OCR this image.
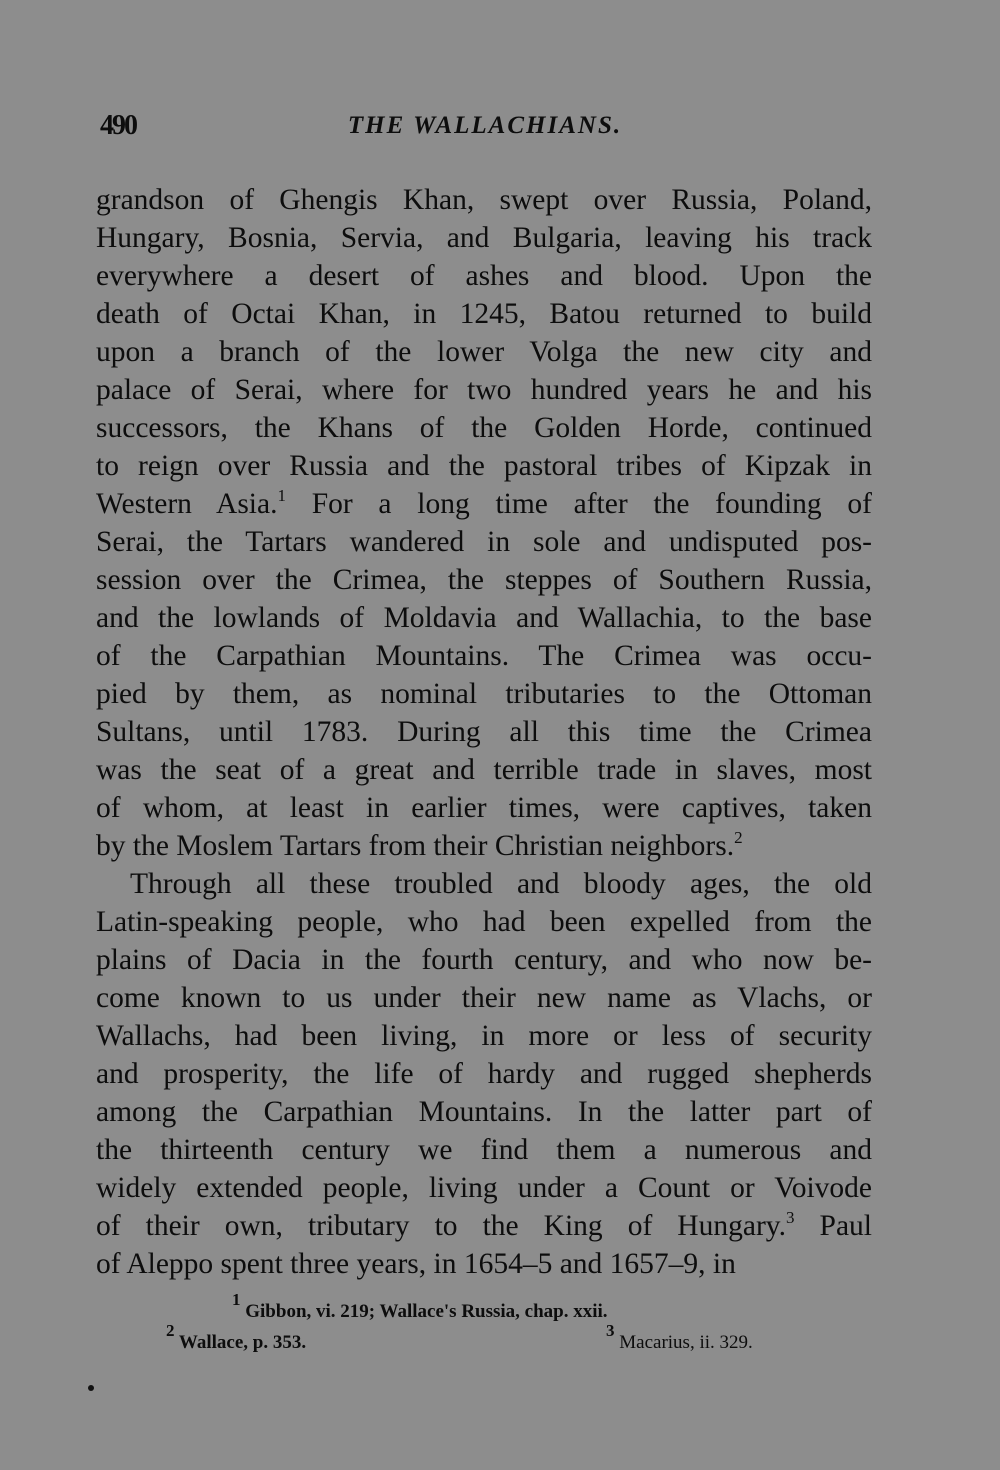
490	THE WALLACHIANS.
grandson of Ghengis Khan, swept over Russia, Poland,
Hungary, Bosnia, Servia, and Bulgaria, leaving his track
everywhere a desert of ashes and blood. Upon the
death of Octai Khan, in 1245, Batou returned to build
upon a branch of the lower Volga the new city and
palace of Serai, where for two hundred years he and his
successors, the Khans of the Golden Horde, continued
to reign over Russia and the pastoral tribes of Kipzak in
Western Asia.$^1$ For a long time after the founding of
Serai, the Tartars wandered in sole and undisputed pos-
session over the Crimea, the steppes of Southern Russia,
and the lowlands of Moldavia and Wallachia, to the base
of the Carpathian Mountains. The Crimea was occu-
pied by them, as nominal tributaries to the Ottoman
Sultans, until 1783. During all this time the Crimea
was the seat of a great and terrible trade in slaves, most
of whom, at least in earlier times, were captives, taken
by the Moslem Tartars from their Christian neighbors.$^2$
Through all these troubled and bloody ages, the old
Latin-speaking people, who had been expelled from the
plains of Dacia in the fourth century, and who now be-
come known to us under their new name as Vlachs, or
Wallachs, had been living, in more or less of security
and prosperity, the life of hardy and rugged shepherds
among the Carpathian Mountains. In the latter part of
the thirteenth century we find them a numerous and
widely extended people, living under a Count or Voivode
of their own, tributary to the King of Hungary.$^3$ Paul
of Aleppo spent three years, in 1654–5 and 1657–9, in
$^1$ Gibbon, vi. 219; Wallace's Russia, chap. xxii.
$^2$ Wallace, p. 353.
$^3$ Macarius, ii. 329.
